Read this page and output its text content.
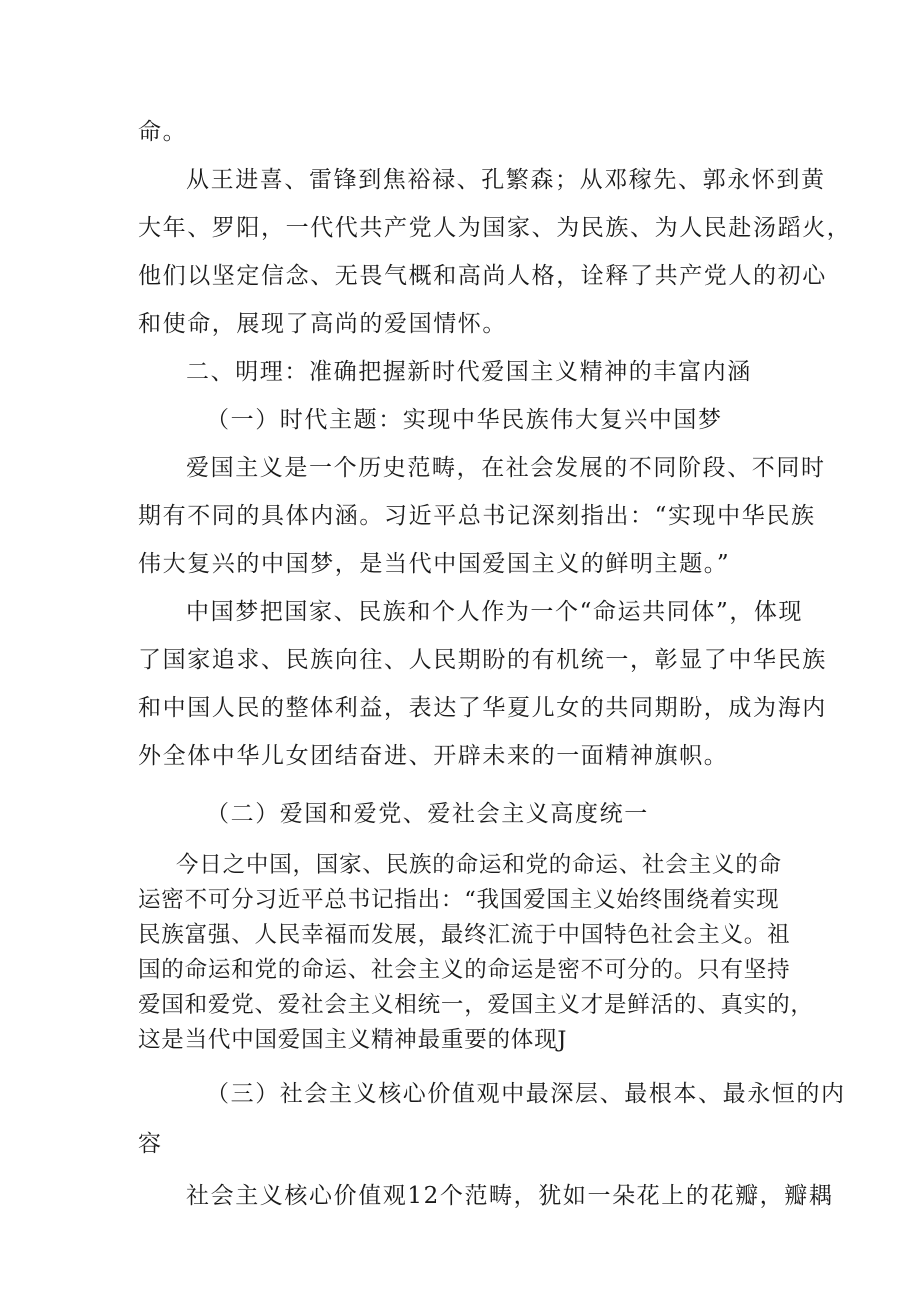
命。
从王进喜、雷锋到焦裕禄、孔繁森；从邓稼先、郭永怀到黄
大年、罗阳，一代代共产党人为国家、为民族、为人民赴汤蹈火，
他们以坚定信念、无畏气概和高尚人格，诠释了共产党人的初心
和使命，展现了高尚的爱国情怀。
二、明理：准确把握新时代爱国主义精神的丰富内涵
（一）时代主题：实现中华民族伟大复兴中国梦
爱国主义是一个历史范畴，在社会发展的不同阶段、不同时
期有不同的具体内涵。习近平总书记深刻指出：“实现中华民族
伟大复兴的中国梦，是当代中国爱国主义的鲜明主题。”
中国梦把国家、民族和个人作为一个“命运共同体”，体现
了国家追求、民族向往、人民期盼的有机统一，彰显了中华民族
和中国人民的整体利益，表达了华夏儿女的共同期盼，成为海内
外全体中华儿女团结奋进、开辟未来的一面精神旗帜。
（二）爱国和爱党、爱社会主义高度统一
今日之中国，国家、民族的命运和党的命运、社会主义的命
运密不可分习近平总书记指出：“我国爱国主义始终围绕着实现
民族富强、人民幸福而发展，最终汇流于中国特色社会主义。祖
国的命运和党的命运、社会主义的命运是密不可分的。只有坚持
爱国和爱党、爱社会主义相统一，爱国主义才是鲜活的、真实的，
这是当代中国爱国主义精神最重要的体现J
（三）社会主义核心价值观中最深层、最根本、最永恒的内
容
社会主义核心价值观12个范畴，犹如一朵花上的花瓣，瓣耦
